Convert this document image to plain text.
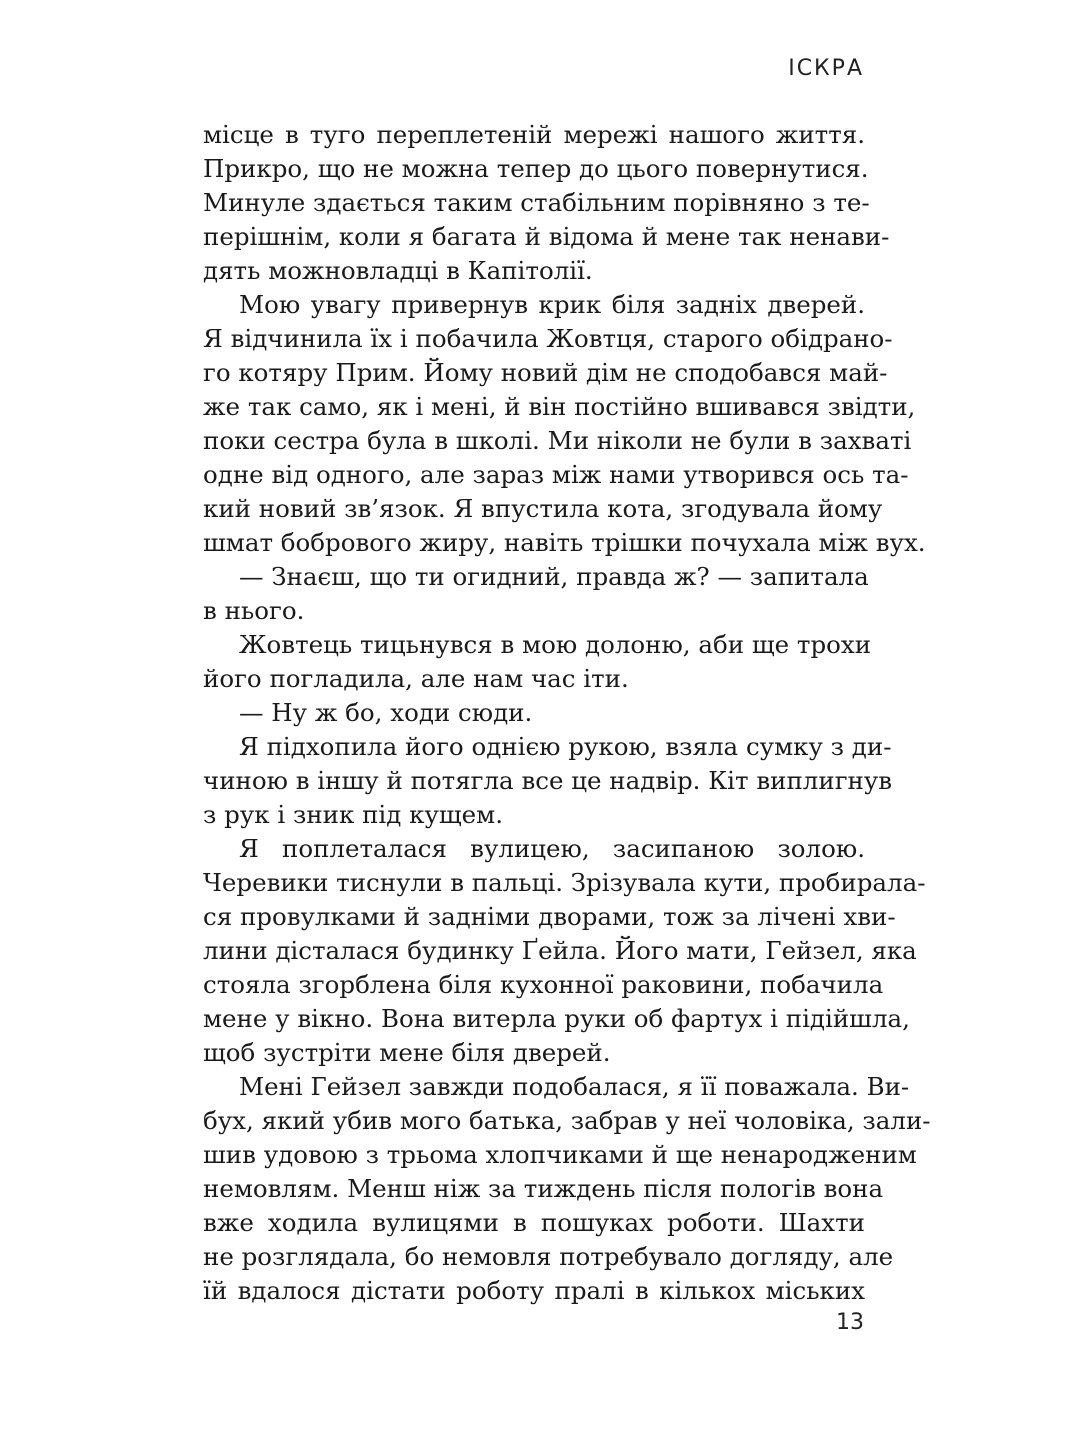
ІСКРА
місце в туго переплетеній мережі нашого життя.
Прикро, що не можна тепер до цього повернутися.
Минуле здається таким стабільним порівняно з те-
перішнім, коли я багата й відома й мене так ненави-
дять можновладці в Капітолії.
Мою увагу привернув крик біля задніх дверей.
Я відчинила їх і побачила Жовтця, старого обідрано-
го котяру Прим. Йому новий дім не сподобався май-
же так само, як і мені, й він постійно вшивався звідти,
поки сестра була в школі. Ми ніколи не були в захваті
одне від одного, але зараз між нами утворився ось та-
кий новий зв’язок. Я впустила кота, згодувала йому
шмат бобрового жиру, навіть трішки почухала між вух.
— Знаєш, що ти огидний, правда ж? — запитала
в нього.
Жовтець тицьнувся в мою долоню, аби ще трохи
його погладила, але нам час іти.
— Ну ж бо, ходи сюди.
Я підхопила його однією рукою, взяла сумку з ди-
чиною в іншу й потягла все це надвір. Кіт виплигнув
з рук і зник під кущем.
Я поплеталася вулицею, засипаною золою.
Черевики тиснули в пальці. Зрізувала кути, пробирала-
ся провулками й задніми дворами, тож за лічені хви-
лини дісталася будинку Ґейла. Його мати, Гейзел, яка
стояла згорблена біля кухонної раковини, побачила
мене у вікно. Вона витерла руки об фартух і підійшла,
щоб зустріти мене біля дверей.
Мені Гейзел завжди подобалася, я її поважала. Ви-
бух, який убив мого батька, забрав у неї чоловіка, зали-
шив удовою з трьома хлопчиками й ще ненародженим
немовлям. Менш ніж за тиждень після пологів вона
вже ходила вулицями в пошуках роботи. Шахти
не розглядала, бо немовля потребувало догляду, але
їй вдалося дістати роботу пралі в кількох міських
13
